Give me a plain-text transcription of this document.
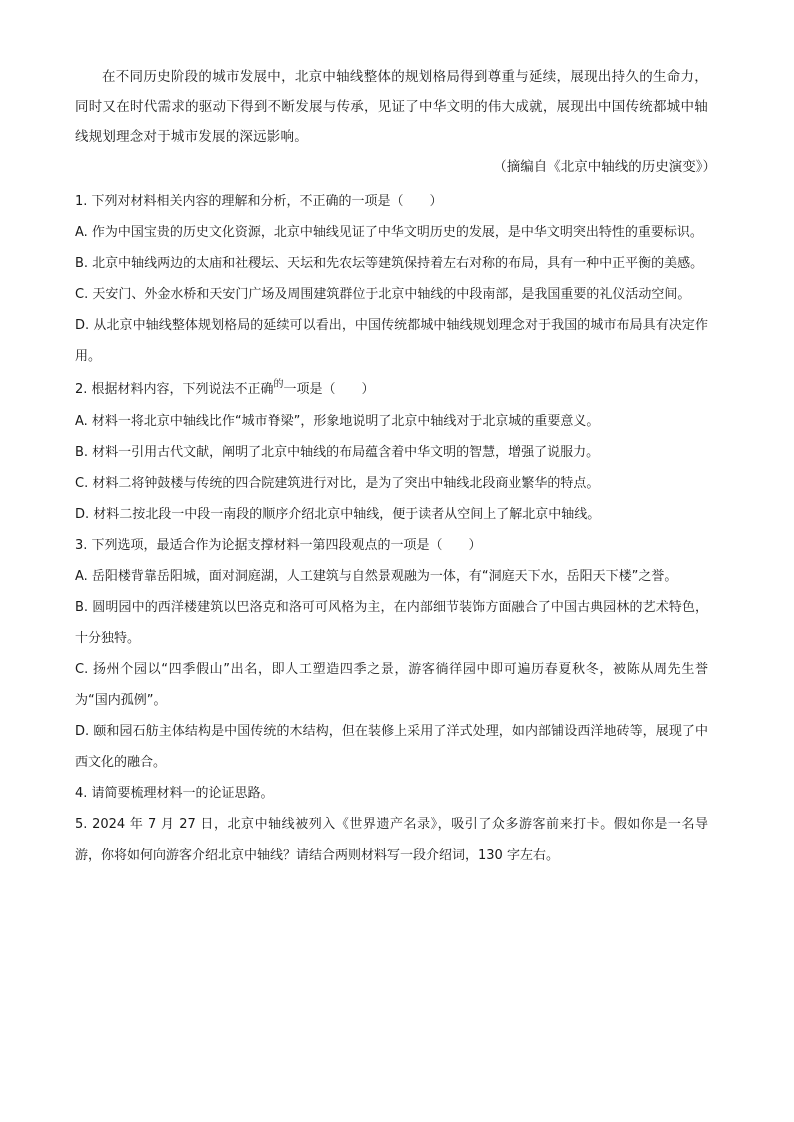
在不同历史阶段的城市发展中，北京中轴线整体的规划格局得到尊重与延续，展现出持久的生命力，同时又在时代需求的驱动下得到不断发展与传承，见证了中华文明的伟大成就，展现出中国传统都城中轴线规划理念对于城市发展的深远影响。

（摘编自《北京中轴线的历史演变》）

1. 下列对材料相关内容的理解和分析，不正确的一项是（　　）

A. 作为中国宝贵的历史文化资源，北京中轴线见证了中华文明历史的发展，是中华文明突出特性的重要标识。

B. 北京中轴线两边的太庙和社稷坛、天坛和先农坛等建筑保持着左右对称的布局，具有一种中正平衡的美感。

C. 天安门、外金水桥和天安门广场及周围建筑群位于北京中轴线的中段南部，是我国重要的礼仪活动空间。

D. 从北京中轴线整体规划格局的延续可以看出，中国传统都城中轴线规划理念对于我国的城市布局具有决定作用。

2. 根据材料内容，下列说法不正确$^的$一项是（　　）

A. 材料一将北京中轴线比作“城市脊梁”，形象地说明了北京中轴线对于北京城的重要意义。

B. 材料一引用古代文献，阐明了北京中轴线的布局蕴含着中华文明的智慧，增强了说服力。

C. 材料二将钟鼓楼与传统的四合院建筑进行对比，是为了突出中轴线北段商业繁华的特点。

D. 材料二按北段一中段一南段的顺序介绍北京中轴线，便于读者从空间上了解北京中轴线。

3. 下列选项，最适合作为论据支撑材料一第四段观点的一项是（　　）

A. 岳阳楼背靠岳阳城，面对洞庭湖，人工建筑与自然景观融为一体，有“洞庭天下水，岳阳天下楼”之誉。

B. 圆明园中的西洋楼建筑以巴洛克和洛可可风格为主，在内部细节装饰方面融合了中国古典园林的艺术特色，十分独特。

C. 扬州个园以“四季假山”出名，即人工塑造四季之景，游客徜徉园中即可遍历春夏秋冬，被陈从周先生誉为“国内孤例”。

D. 颐和园石舫主体结构是中国传统的木结构，但在装修上采用了洋式处理，如内部铺设西洋地砖等，展现了中西文化的融合。

4. 请简要梳理材料一的论证思路。

5. 2024 年 7 月 27 日，北京中轴线被列入《世界遗产名录》，吸引了众多游客前来打卡。假如你是一名导游，你将如何向游客介绍北京中轴线？请结合两则材料写一段介绍词，130 字左右。
